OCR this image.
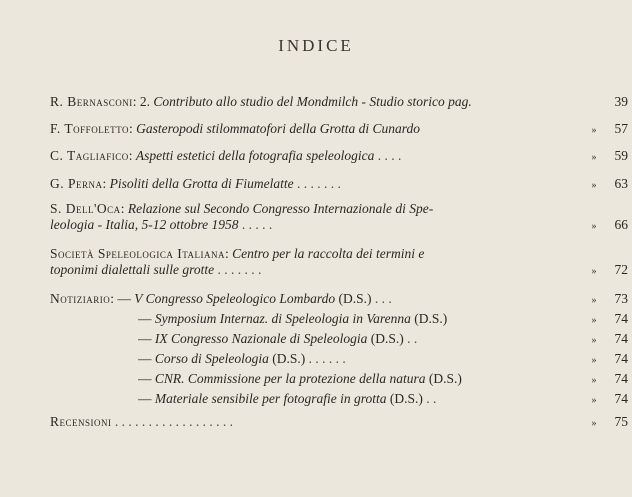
INDICE
R. Bernasconi: 2. Contributo allo studio del Mondmilch - Studio storico pag.	39
F. Toffoletto: Gasteropodi stilommatofori della Grotta di Cunardo	»	57
C. Tagliafico: Aspetti estetici della fotografia speleologica . . . .	»	59
G. Perna: Pisoliti della Grotta di Fiumelatte . . . . . . .	»	63
S. Dell'Oca: Relazione sul Secondo Congresso Internazionale di Spe-
leologia - Italia, 5-12 ottobre 1958 . . . . .	»	66
Società Speleologica Italiana: Centro per la raccolta dei termini e
toponimi dialettali sulle grotte . . . . . . .	»	72
Notiziario: — V Congresso Speleologico Lombardo (D.S.) . . .	»	73
— Symposium Internaz. di Speleologia in Varenna (D.S.)	»	74
— IX Congresso Nazionale di Speleologia (D.S.) . .	»	74
— Corso di Speleologia (D.S.) . . . . . .	»	74
— CNR. Commissione per la protezione della natura (D.S.)	»	74
— Materiale sensibile per fotografie in grotta (D.S.) . .	»	74
Recensioni . . . . . . . . . . . . . . . . . .	»	75
